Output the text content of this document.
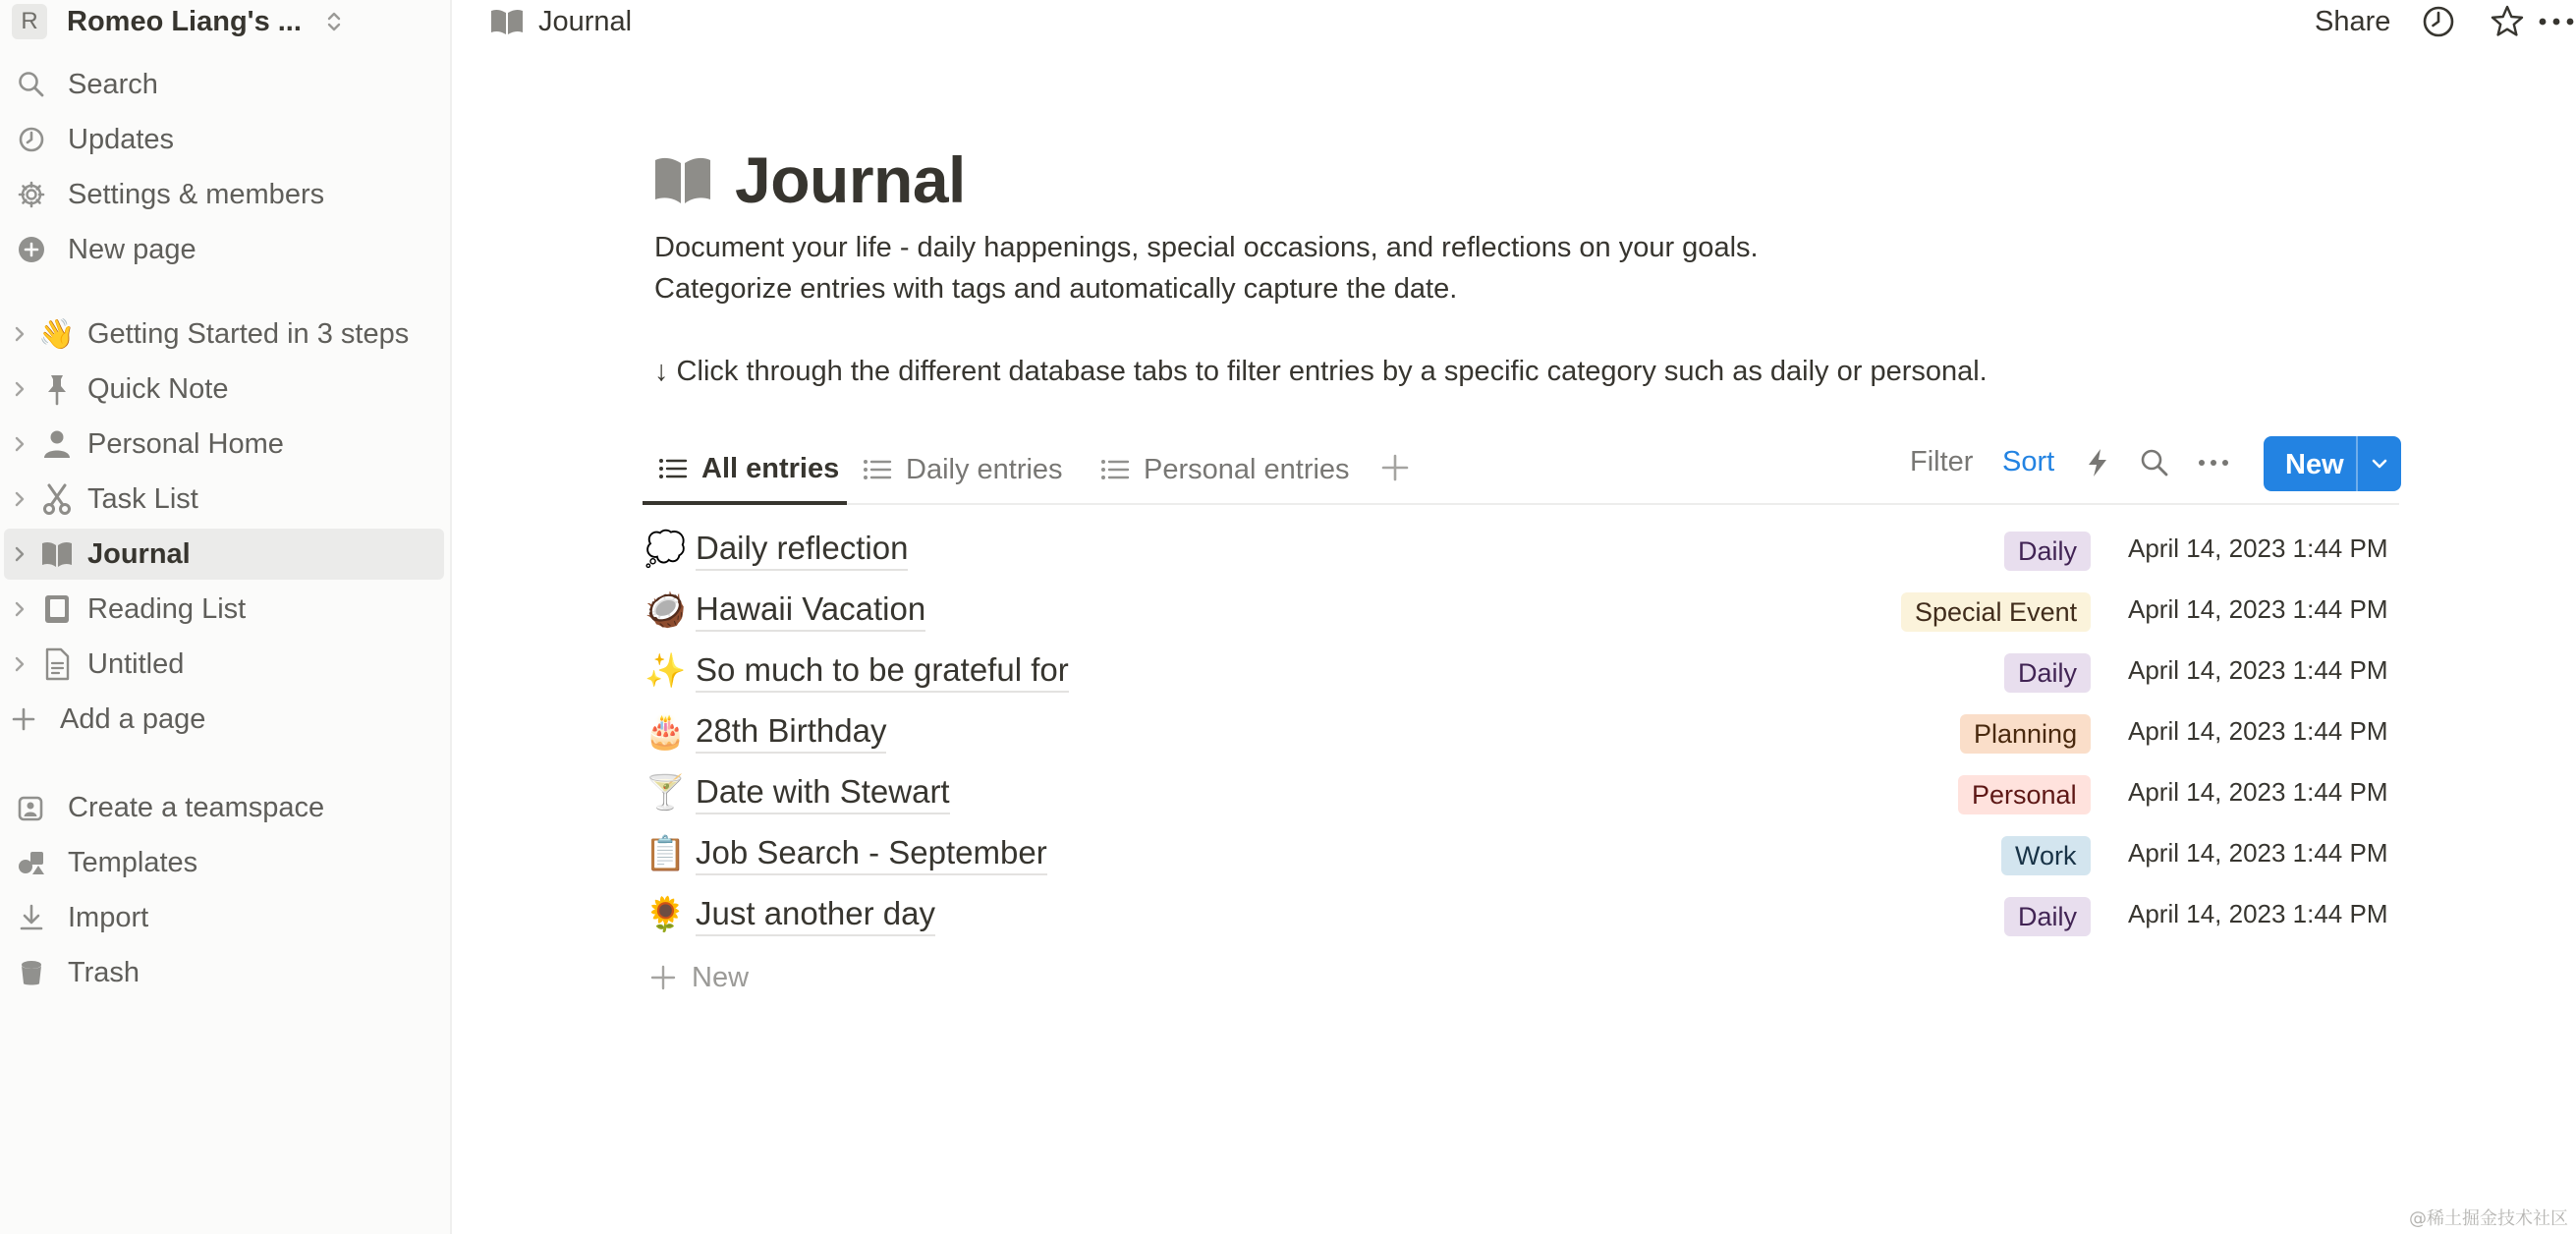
R	Romeo Liang's ...
Search
Updates
Settings & members
New page
👋 Getting Started in 3 steps
Quick Note
Personal Home
Task List
Journal
Reading List
Untitled
Add a page
Create a teamspace
Templates
Import
Trash
Journal	Share
Journal

Document your life - daily happenings, special occasions, and reflections on your goals.

Categorize entries with tags and automatically capture the date.

↓ Click through the different database tabs to filter entries by a specific category such as daily or personal.

All entries Daily entries	Personal entries	Filter Sort	New
💭 Daily reflection	Daily	April 14, 2023 1:44 PM
🥥 Hawaii Vacation	Special Event	April 14, 2023 1:44 PM
✨ So much to be grateful for	Daily	April 14, 2023 1:44 PM
🎂 28th Birthday	Planning	April 14, 2023 1:44 PM
🍸 Date with Stewart	Personal	April 14, 2023 1:44 PM
📋 Job Search - September	Work	April 14, 2023 1:44 PM
🌻 Just another day	Daily	April 14, 2023 1:44 PM
New
@稀土掘金技术社区
